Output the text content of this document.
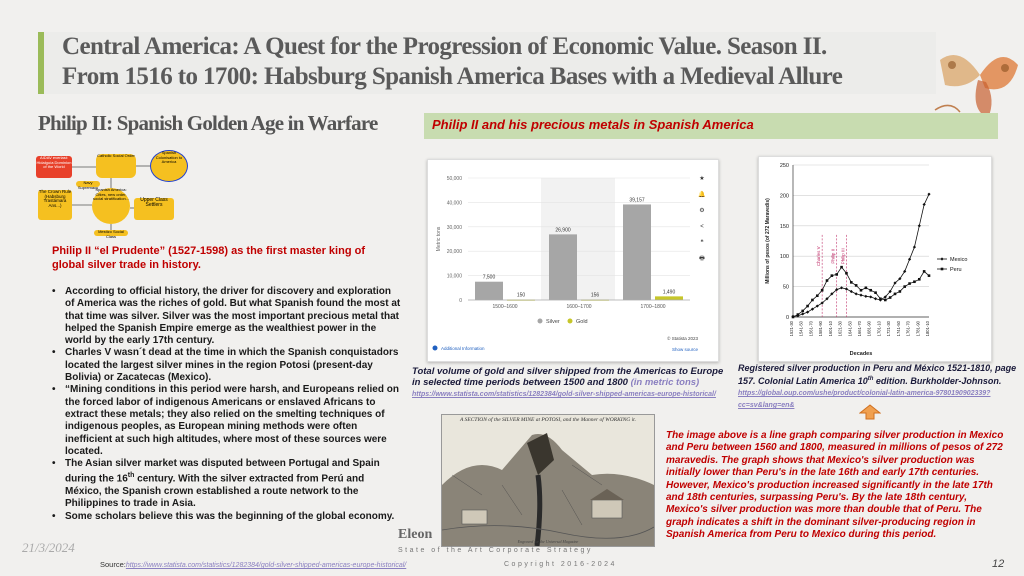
Central America: A Quest for the Progression of Economic Value. Season II.
From 1516 to 1700: Habsburg Spanish America Bases with a Medieval Allure
Philip II: Spanish Golden Age in Warfare	Philip II and his precious metals in Spanish America
AIDAV everlast: Hidalguía Dominion of the World
Catholic Social Order
Spanish Colonisation to America
Navy Supremacy
The Crown Rule (Habsburg Trastámara Ans...)
Spanish America: Cities, new order, social stratification...	Upper Class Settlers
Mestizo Social Class
Philip II “el Prudente” (1527-1598) as the first master king of global silver trade in history.
• According to official history, the driver for discovery and exploration of America was the riches of gold. But what Spanish found the most at that time was silver. Silver was the most important precious metal that helped the Spanish Empire emerge as the wealthiest power in the world by the early 17th century.
• Charles V wasn´t dead at the time in which the Spanish conquistadors located the largest silver mines in the region Potosi (present-day Bolivia) or Zacatecas (Mexico).
• “Mining conditions in this period were harsh, and Europeans relied on the forced labor of indigenous Americans or enslaved Africans to extract these metals; they also relied on the smelting techniques of indigenous peoples, as European mining methods were often inefficient at such high altitudes, where most of these sources were located.
• The Asian silver market was disputed between Portugal and Spain during the 16th century. With the silver extracted from Perú and México, the Spanish crown established a route network to the Philippines to trade in Asia.
• Some scholars believe this was the beginning of the global economy.
0
10,000
20,000
30,000
40,000
50,000
Metric tons
7,500
150
1500–1600
26,900
156
1600–1700
39,157
1,490
1700–1800
Silver	Gold
★
🔔
⚙
<
❝
🖶
© Statista 2023
Show source
Additional Information
Total volume of gold and silver shipped from the Americas to Europe in selected time periods between 1500 and 1800 (in metric tons) https://www.statista.com/statistics/1282384/gold-silver-shipped-americas-europe-historical/
0
50
100
150
200
250
Millions of pesos (of 272 Maravedis)
Decades
1521-30 1541-50 1561-70 1581-90 1601-10 1621-30 1641-50 1661-70 1681-90 1701-10 1721-30 1741-50 1761-70 1781-90 1801-10
Charles V Philip II Philip III	Mexico
Peru
Registered silver production in Peru and México 1521-1810, page 157. Colonial Latin America 10th edition. Burkholder-Johnson. https://global.oup.com/ushe/product/colonial-latin-america-9780190902339?cc=sv&lang=en&
A SECTION of the SILVER MINE at POTOSI, and the Manner of WORKING it.
Engraved for the Universal Magazine
The image above is a line graph comparing silver production in Mexico and Peru between 1560 and 1800, measured in millions of pesos of 272 maravedis. The graph shows that Mexico's silver production was initially lower than Peru's in the late 16th and early 17th centuries. However, Mexico's production increased significantly in the late 17th and 18th centuries, surpassing Peru's. By the late 18th century, Mexico's silver production was more than double that of Peru. The graph indicates a shift in the dominant silver-producing region in Spanish America from Peru to Mexico during this period.
21/3/2024
Eleon
State of the Art Corporate Strategy
Copyright 2016-2024
Source:https://www.statista.com/statistics/1282384/gold-silver-shipped-americas-europe-historical/	12
